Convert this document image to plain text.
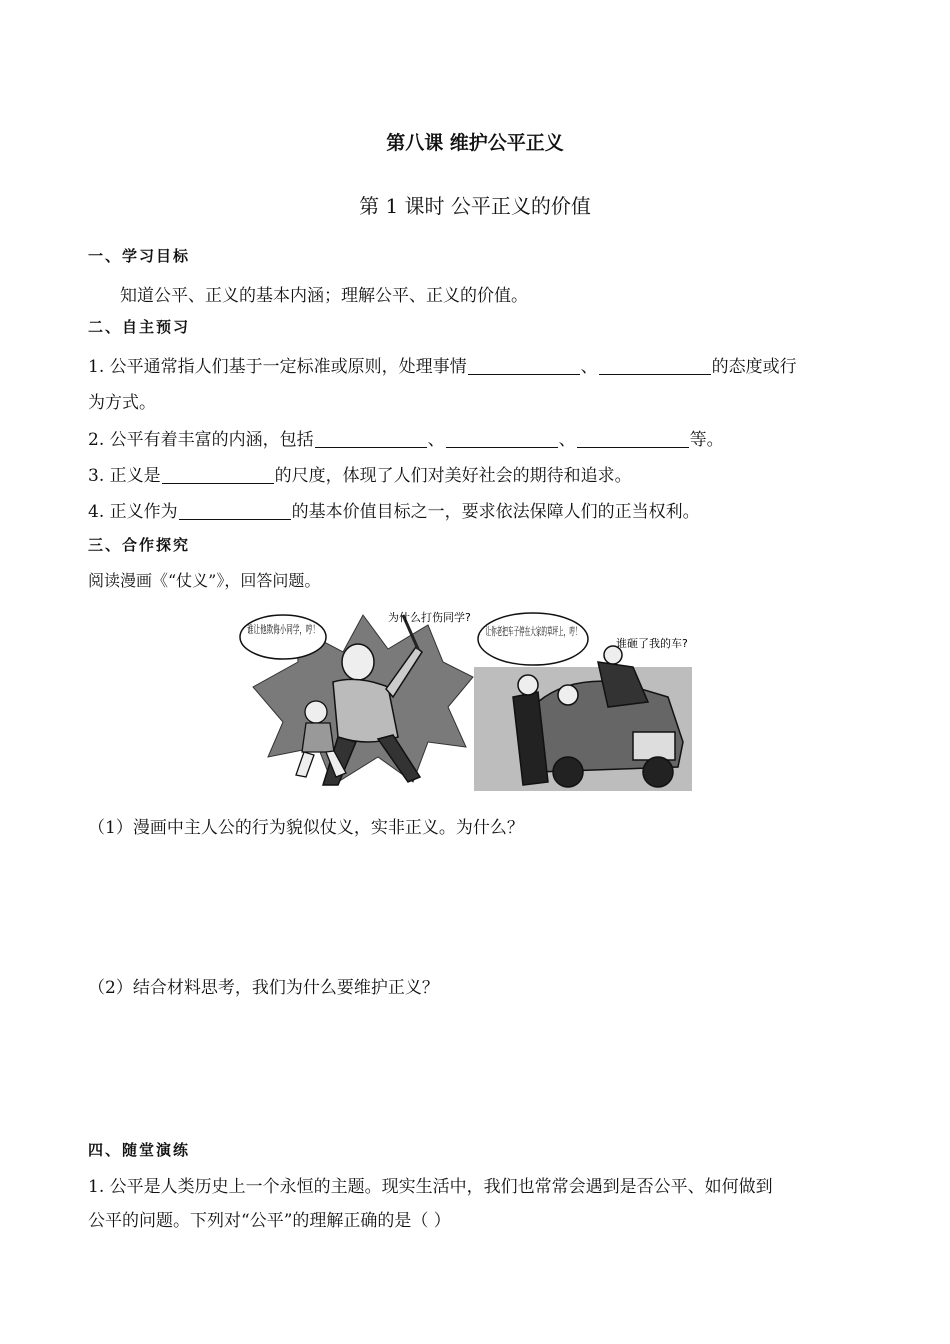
第八课 维护公平正义
第 1 课时 公平正义的价值
一、学习目标
知道公平、正义的基本内涵；理解公平、正义的价值。
二、自主预习
1. 公平通常指人们基于一定标准或原则，处理事情	、	的态度或行
为方式。
2. 公平有着丰富的内涵，包括	、	、	等。
3. 正义是	的尺度，体现了人们对美好社会的期待和追求。
4. 正义作为	的基本价值目标之一，要求依法保障人们的正当权利。
三、合作探究
阅读漫画《“仗义”》，回答问题。
谁让他欺侮小同学，哼！
为什么打伤同学?
让你老把车子停在大家的草坪上，哼！
谁砸了我的车?
（1）漫画中主人公的行为貌似仗义，实非正义。为什么？
（2）结合材料思考，我们为什么要维护正义？
四、随堂演练
1. 公平是人类历史上一个永恒的主题。现实生活中，我们也常常会遇到是否公平、如何做到
公平的问题。下列对“公平”的理解正确的是（ ）
